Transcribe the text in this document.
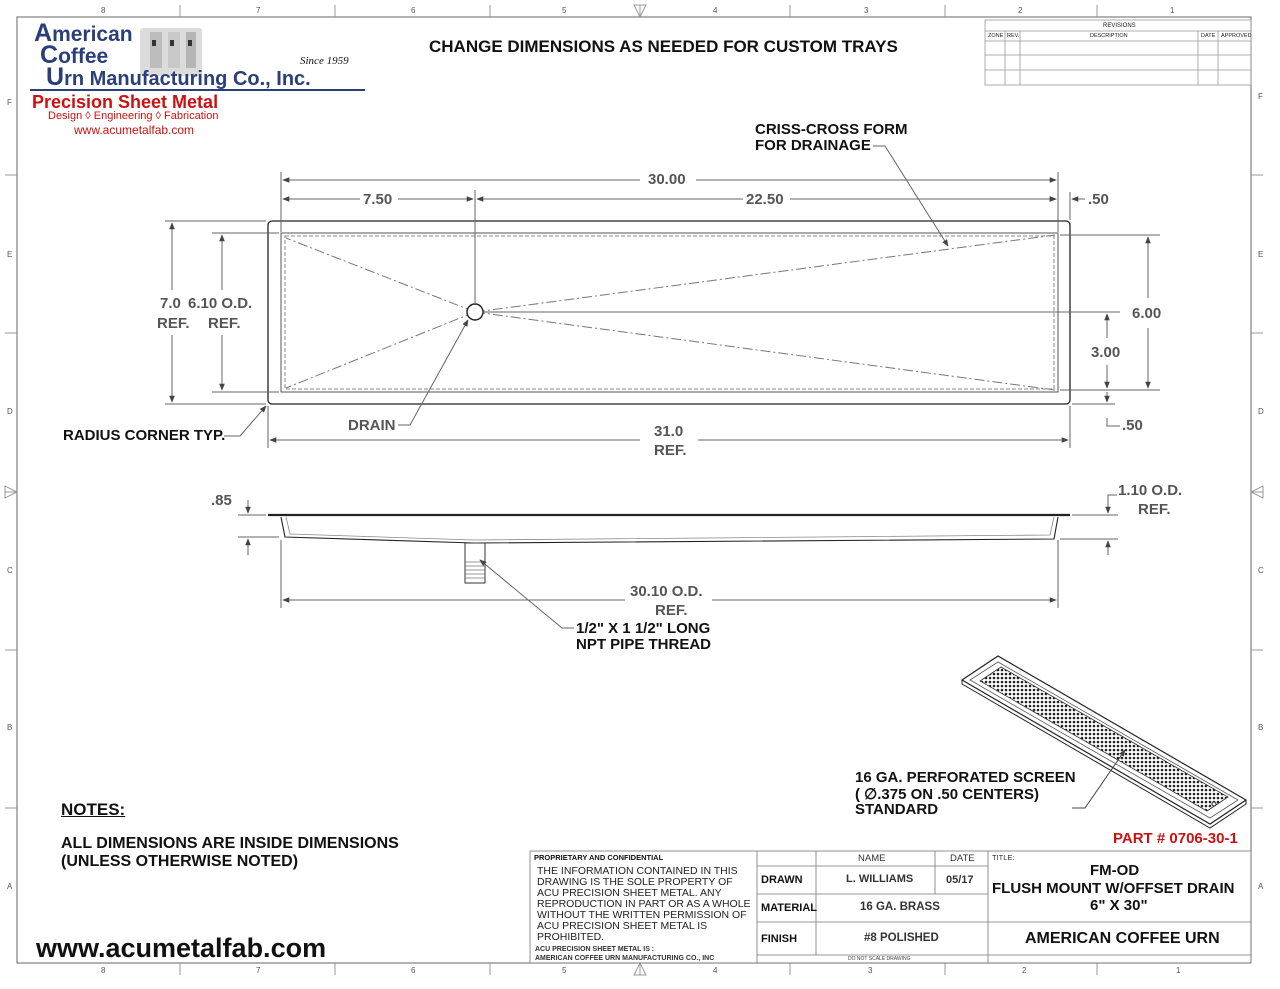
8	7	6	5	4	3	2	1
8	7	6	5	4	3	2	1
F
E
D
C
B
A
F
E
D
C
B
A
American
Coffee
Urn Manufacturing Co., Inc.
Since 1959
Precision Sheet Metal
Design ◊ Engineering ◊ Fabrication
www.acumetalfab.com
CHANGE DIMENSIONS AS NEEDED FOR CUSTOM TRAYS
REVISIONS
ZONE REV.	DESCRIPTION	DATE APPROVED
CRISS-CROSS FORM
FOR DRAINAGE
30.00
7.50	22.50	.50
7.0
REF.
6.10 O.D.
REF.
6.00
3.00
.50
DRAIN
RADIUS CORNER TYP.	31.0
REF.
.85
1.10 O.D.
REF.
30.10 O.D.
REF.
1/2" X 1 1/2" LONG
NPT PIPE THREAD
16 GA. PERFORATED SCREEN
( ∅.375 ON .50 CENTERS)
STANDARD
NOTES:
ALL DIMENSIONS ARE INSIDE DIMENSIONS
(UNLESS OTHERWISE NOTED)
PART # 0706-30-1
www.acumetalfab.com
PROPRIETARY AND CONFIDENTIAL
THE INFORMATION CONTAINED IN THIS
DRAWING IS THE SOLE PROPERTY OF
ACU PRECISION SHEET METAL. ANY
REPRODUCTION IN PART OR AS A WHOLE
WITHOUT THE WRITTEN PERMISSION OF
ACU PRECISION SHEET METAL IS
PROHIBITED.
ACU PRECISION SHEET METAL IS :
AMERICAN COFFEE URN MANUFACTURING CO., INC
NAME	DATE
DRAWN	L. WILLIAMS	05/17
MATERIAL	16 GA. BRASS
FINISH	#8 POLISHED
DO NOT SCALE DRAWING
TITLE:
FM-OD
FLUSH MOUNT W/OFFSET DRAIN
6" X 30"
AMERICAN COFFEE URN
